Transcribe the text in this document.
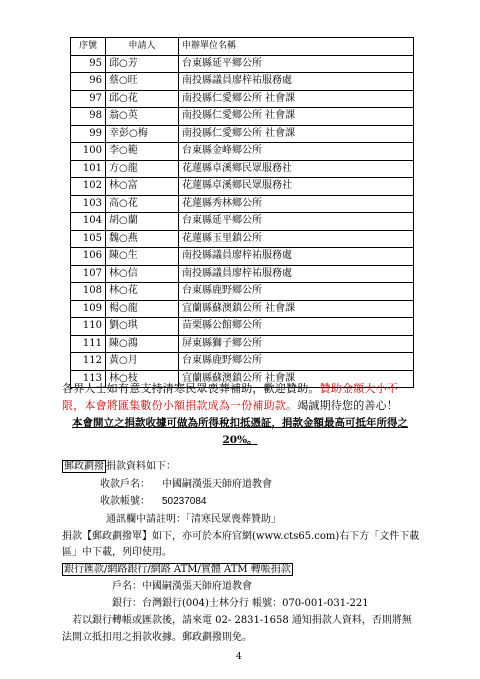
序號	申請人	申辦單位名稱
95	邱○芳	台東縣延平鄉公所
96	蔡○旺	南投縣議員廖梓祐服務處
97	邱○花	南投縣仁愛鄉公所 社會課
98	翁○英	南投縣仁愛鄉公所 社會課
99	幸彭○梅	南投縣仁愛鄉公所 社會課
100	李○範	台東縣金峰鄉公所
101	方○龍	花蓮縣卓溪鄉民眾服務社
102	林○富	花蓮縣卓溪鄉民眾服務社
103	高○花	花蓮縣秀林鄉公所
104	胡○蘭	台東縣延平鄉公所
105	魏○燕	花蓮縣玉里鎮公所
106	陳○生	南投縣議員廖梓祐服務處
107	林○信	南投縣議員廖梓祐服務處
108	林○花	台東縣鹿野鄉公所
109	楊○龍	宜蘭縣蘇澳鎮公所 社會課
110	劉○琪	苗栗縣公館鄉公所
111	陳○鴻	屏東縣獅子鄉公所
112	黃○月	台東縣鹿野鄉公所
113	林○枝	宜蘭縣蘇澳鎮公所 社會課
各界人士如有意支持清寒民眾喪葬補助，歡迎贊助。贊助金額大小不限，本會將匯集數份小額捐款成為一份補助款。竭誠期待您的善心！
本會開立之捐款收據可做為所得稅扣抵憑証，捐款金額最高可抵年所得之20%。
郵政劃撥 捐款資料如下：
收款戶名： 中國嗣漢張天師府道教會
收款帳號： 50237084
通訊欄中請註明：「清寒民眾喪葬贊助」
捐款【郵政劃撥單】如下，亦可於本府官網(www.cts65.com)右下方「文件下載
區」中下載，列印使用。
銀行匯款/網路銀行/網路 ATM/實體 ATM 轉帳捐款
戶名：中國嗣漢張天師府道教會
銀行：台灣銀行(004)士林分行 帳號：070-001-031-221
若以銀行轉帳或匯款後，請來電 02- 2831-1658 通知捐款人資料，否則將無
法開立抵扣用之捐款收據。郵政劃撥則免。
4
